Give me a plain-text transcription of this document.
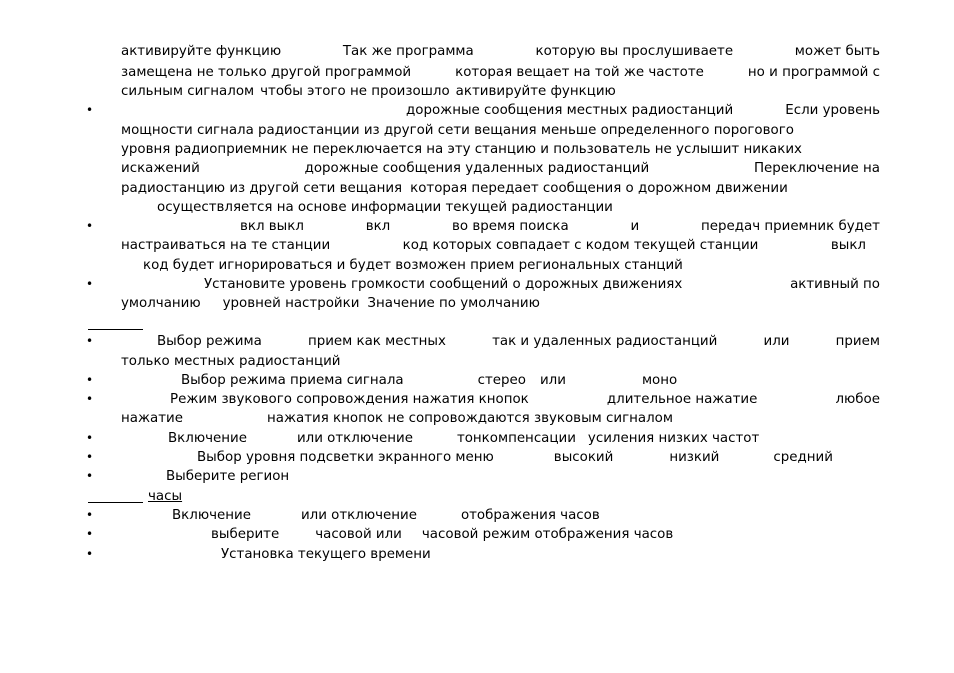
активируйте функцию	Так же программа	которую вы прослушиваете	может быть
замещена не только другой программой	которая вещает на той же частоте	но и программой с
сильным сигналом чтобы этого не произошло активируйте функцию
•	дорожные сообщения местных радиостанций	Если уровень
мощности сигнала радиостанции из другой сети вещания меньше определенного порогового
уровня радиоприемник не переключается на эту станцию и пользователь не услышит никаких
искажений	дорожные сообщения удаленных радиостанций	Переключение на
радиостанцию из другой сети вещания которая передает сообщения о дорожном движении
осуществляется на основе информации текущей радиостанции
•	вкл выкл	вкл	во время поиска	и	передач приемник будет
настраиваться на те станции	код которых совпадает с кодом текущей станции	выкл
код будет игнорироваться и будет возможен прием региональных станций
•	Установите уровень громкости сообщений о дорожных движениях	активный по
умолчанию уровней настройки Значение по умолчанию
•	Выбор режима	прием как местных	так и удаленных радиостанций	или	прием
только местных радиостанций
•	Выбор режима приема сигнала	стерео или	моно
•	Режим звукового сопровождения нажатия кнопок	длительное нажатие	любое
нажатие	нажатия кнопок не сопровождаются звуковым сигналом
•	Включение	или отключение	тонкомпенсации усиления низких частот
•	Выбор уровня подсветки экранного меню	высокий	низкий	средний
•	Выберите регион
часы
•	Включение	или отключение	отображения часов
•	выберите	часовой или часовой режим отображения часов
•	Установка текущего времени
